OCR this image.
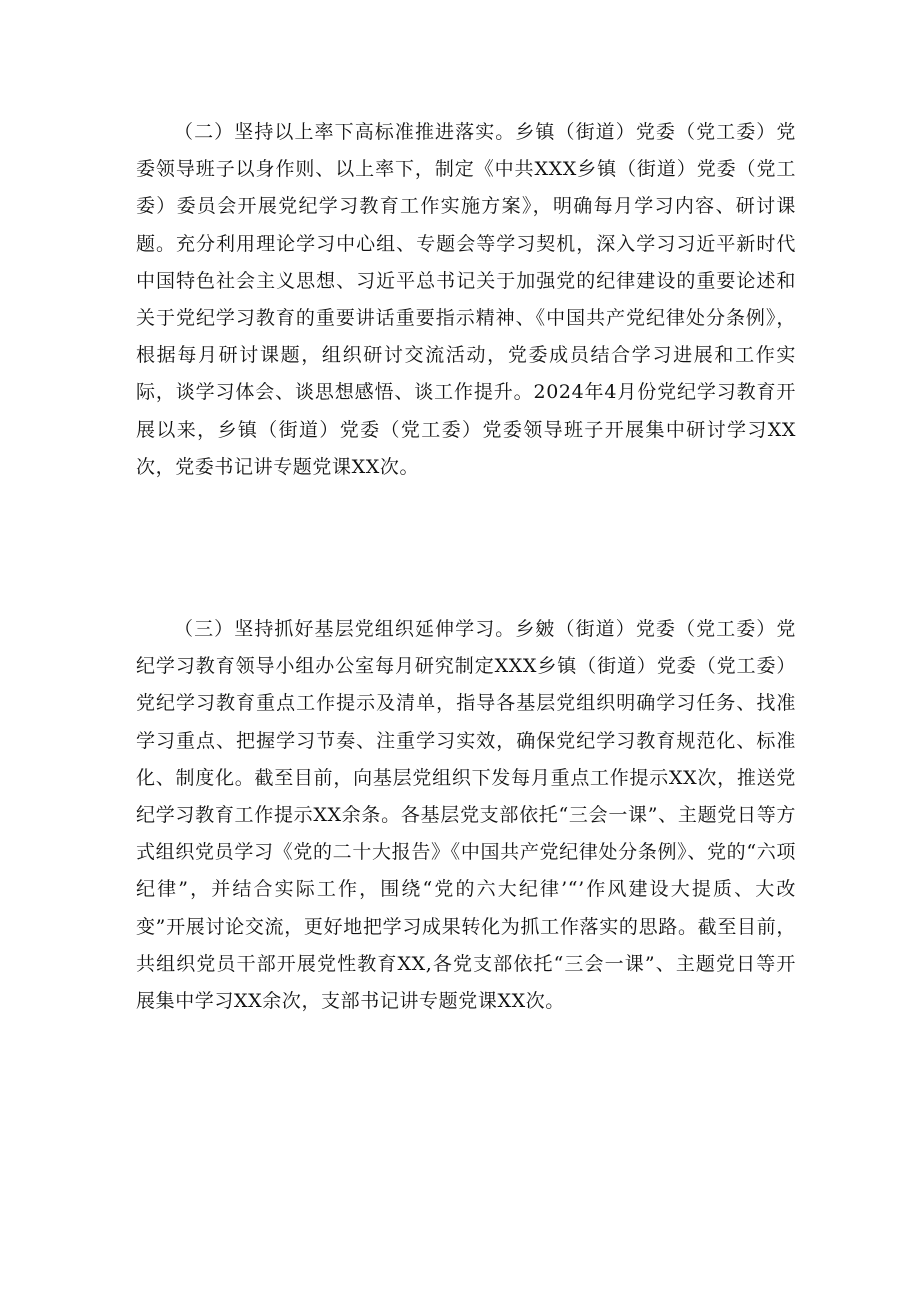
（二）坚持以上率下高标准推进落实。乡镇（街道）党委（党工委）党委领导班子以身作则、以上率下，制定《中共XXX乡镇（街道）党委（党工委）委员会开展党纪学习教育工作实施方案》，明确每月学习内容、研讨课题。充分利用理论学习中心组、专题会等学习契机，深入学习习近平新时代中国特色社会主义思想、习近平总书记关于加强党的纪律建设的重要论述和关于党纪学习教育的重要讲话重要指示精神、《中国共产党纪律处分条例》，根据每月研讨课题，组织研讨交流活动，党委成员结合学习进展和工作实际，谈学习体会、谈思想感悟、谈工作提升。2024年4月份党纪学习教育开展以来，乡镇（街道）党委（党工委）党委领导班子开展集中研讨学习XX次，党委书记讲专题党课XX次。

（三）坚持抓好基层党组织延伸学习。乡皴（街道）党委（党工委）党纪学习教育领导小组办公室每月研究制定XXX乡镇（街道）党委（党工委）党纪学习教育重点工作提示及清单，指导各基层党组织明确学习任务、找准学习重点、把握学习节奏、注重学习实效，确保党纪学习教育规范化、标准化、制度化。截至目前，向基层党组织下发每月重点工作提示XX次，推送党纪学习教育工作提示XX余条。各基层党支部依托“三会一课”、主题党日等方式组织党员学习《党的二十大报告》《中国共产党纪律处分条例》、党的“六项纪律”，并结合实际工作，围绕“党的六大纪律’“’作风建设大提质、大改变”开展讨论交流，更好地把学习成果转化为抓工作落实的思路。截至目前，共组织党员干部开展党性教育XX,各党支部依托“三会一课”、主题党日等开展集中学习XX余次，支部书记讲专题党课XX次。
